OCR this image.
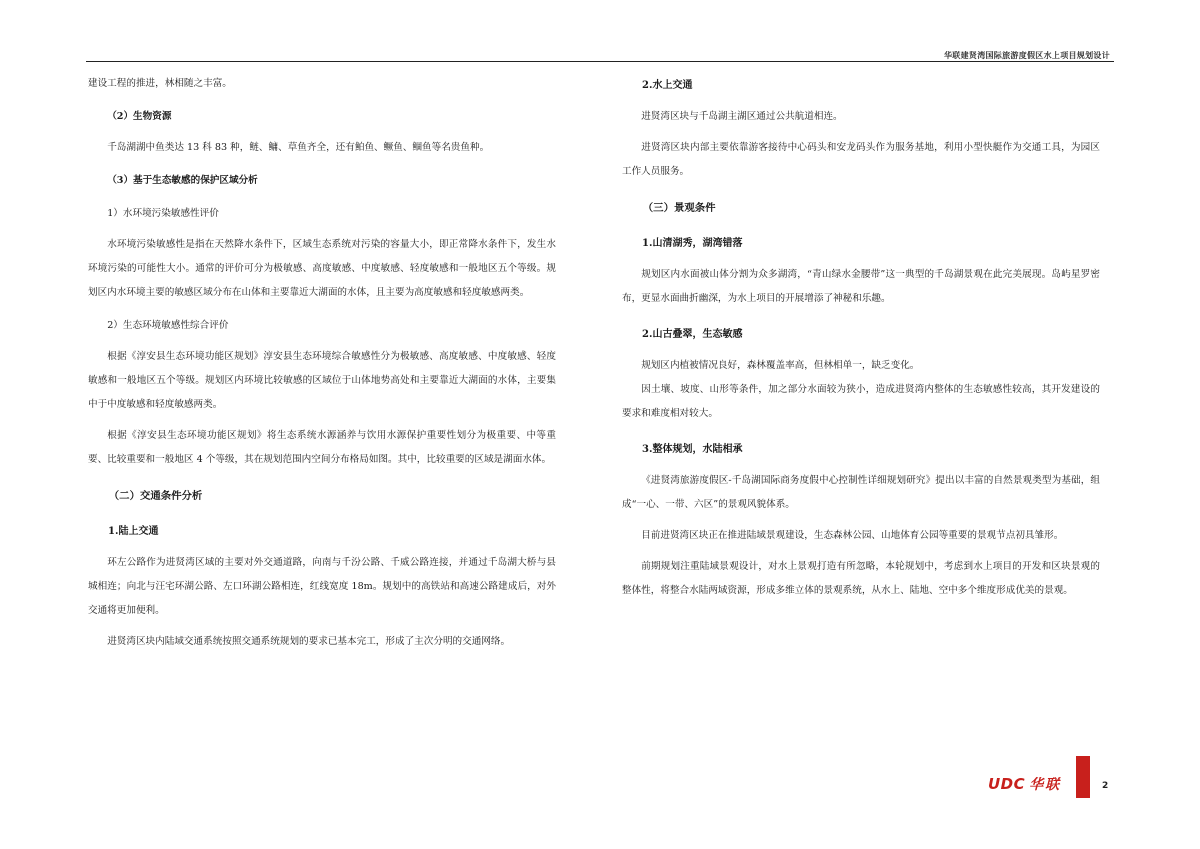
华联建贤湾国际旅游度假区水上项目规划设计

建设工程的推进，林相随之丰富。

（2）生物资源

千岛湖湖中鱼类达 13 科 83 种，鲢、鳙、草鱼齐全，还有鲌鱼、鳜鱼、鲴鱼等名贵鱼种。

（3）基于生态敏感的保护区域分析

1）水环境污染敏感性评价

水环境污染敏感性是指在天然降水条件下，区域生态系统对污染的容量大小，即正常降水条件下，发生水环境污染的可能性大小。通常的评价可分为极敏感、高度敏感、中度敏感、轻度敏感和一般地区五个等级。规划区内水环境主要的敏感区域分布在山体和主要靠近大湖面的水体，且主要为高度敏感和轻度敏感两类。

2）生态环境敏感性综合评价

根据《淳安县生态环境功能区规划》淳安县生态环境综合敏感性分为极敏感、高度敏感、中度敏感、轻度敏感和一般地区五个等级。规划区内环境比较敏感的区域位于山体地势高处和主要靠近大湖面的水体，主要集中于中度敏感和轻度敏感两类。

根据《淳安县生态环境功能区规划》将生态系统水源涵养与饮用水源保护重要性划分为极重要、中等重要、比较重要和一般地区 4 个等级，其在规划范围内空间分布格局如图。其中，比较重要的区域是湖面水体。

（二）交通条件分析

1.陆上交通

环左公路作为进贤湾区域的主要对外交通道路，向南与千汾公路、千威公路连接，并通过千岛湖大桥与县城相连；向北与汪宅环湖公路、左口环湖公路相连，红线宽度 18m。规划中的高铁站和高速公路建成后，对外交通将更加便利。

进贤湾区块内陆域交通系统按照交通系统规划的要求已基本完工，形成了主次分明的交通网络。

2.水上交通

进贤湾区块与千岛湖主湖区通过公共航道相连。

进贤湾区块内部主要依靠游客接待中心码头和安龙码头作为服务基地，利用小型快艇作为交通工具，为园区工作人员服务。

（三）景观条件

1.山清湖秀，湖湾错落

规划区内水面被山体分割为众多湖湾，“青山绿水金腰带”这一典型的千岛湖景观在此完美展现。岛屿星罗密布，更显水面曲折幽深，为水上项目的开展增添了神秘和乐趣。

2.山古叠翠，生态敏感

规划区内植被情况良好，森林覆盖率高，但林相单一，缺乏变化。

因土壤、坡度、山形等条件，加之部分水面较为狭小，造成进贤湾内整体的生态敏感性较高，其开发建设的要求和难度相对较大。

3.整体规划，水陆相承

《进贤湾旅游度假区-千岛湖国际商务度假中心控制性详细规划研究》提出以丰富的自然景观类型为基础，组成“一心、一带、六区”的景观风貌体系。

目前进贤湾区块正在推进陆域景观建设，生态森林公园、山地体育公园等重要的景观节点初具雏形。

前期规划注重陆域景观设计，对水上景观打造有所忽略，本轮规划中，考虑到水上项目的开发和区块景观的整体性，将整合水陆两域资源，形成多维立体的景观系统，从水上、陆地、空中多个维度形成优美的景观。

UDC 华联	2
